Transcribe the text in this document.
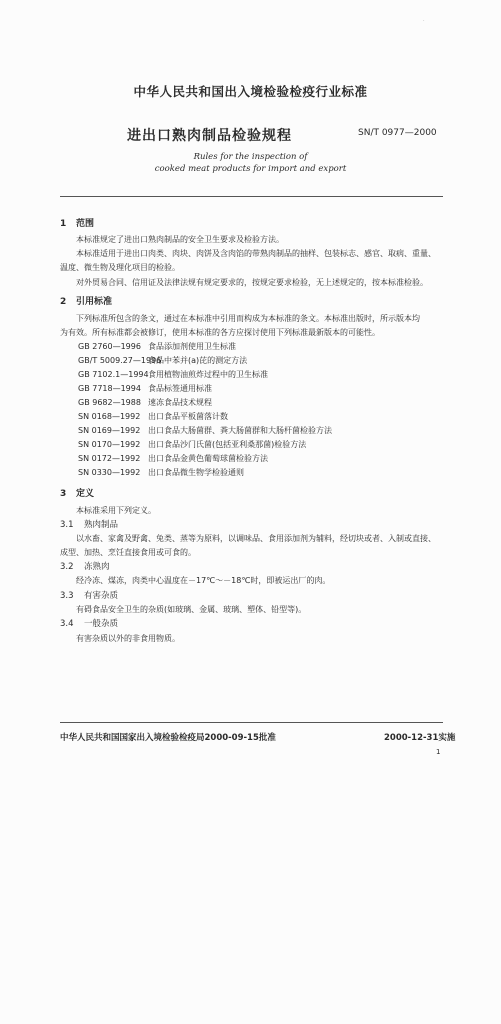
·
中华人民共和国出入境检验检疫行业标准
进出口熟肉制品检验规程	SN/T 0977—2000
Rules for the inspection of
cooked meat products for import and export
1 范围
本标准规定了进出口熟肉制品的安全卫生要求及检验方法。
本标准适用于进出口肉类、肉块、肉饼及含肉馅的带熟肉制品的抽样、包装标志、感官、取病、重量、
温度、微生物及理化项目的检验。
对外贸易合同、信用证及法律法规有规定要求的，按规定要求检验，无上述规定的，按本标准检验。
2 引用标准
下列标准所包含的条文，通过在本标准中引用而构成为本标准的条文。本标准出版时，所示版本均
为有效。所有标准都会被修订，使用本标准的各方应探讨使用下列标准最新版本的可能性。
GB 2760—1996 食品添加剂使用卫生标准
GB/T 5009.27—1996食品中苯并(a)芘的测定方法
GB 7102.1—1994食用植物油煎炸过程中的卫生标准
GB 7718—1994 食品标签通用标准
GB 9682—1988 速冻食品技术规程
SN 0168—1992 出口食品平板菌落计数
SN 0169—1992 出口食品大肠菌群、粪大肠菌群和大肠杆菌检验方法
SN 0170—1992 出口食品沙门氏菌(包括亚利桑那菌)检验方法
SN 0172—1992 出口食品金黄色葡萄球菌检验方法
SN 0330—1992 出口食品微生物学检验通则
3 定义
本标准采用下列定义。
3.1 熟肉制品
以水畜、家禽及野禽、兔类、蒸等为原料，以调味品、食用添加剂为辅料，经切块或者、入制或直接、
成型、加热、烹饪直接食用或可食的。
3.2 冻熟肉
经冷冻、煤冻，肉类中心温度在－17℃～－18℃时，即被运出厂的肉。
3.3 有害杂质
有碍食品安全卫生的杂质(如玻璃、金属、玻璃、塑体、铅型等)。
3.4 一般杂质
有害杂质以外的非食用物质。
中华人民共和国国家出入境检验检疫局2000-09-15批准	2000-12-31实施
1
